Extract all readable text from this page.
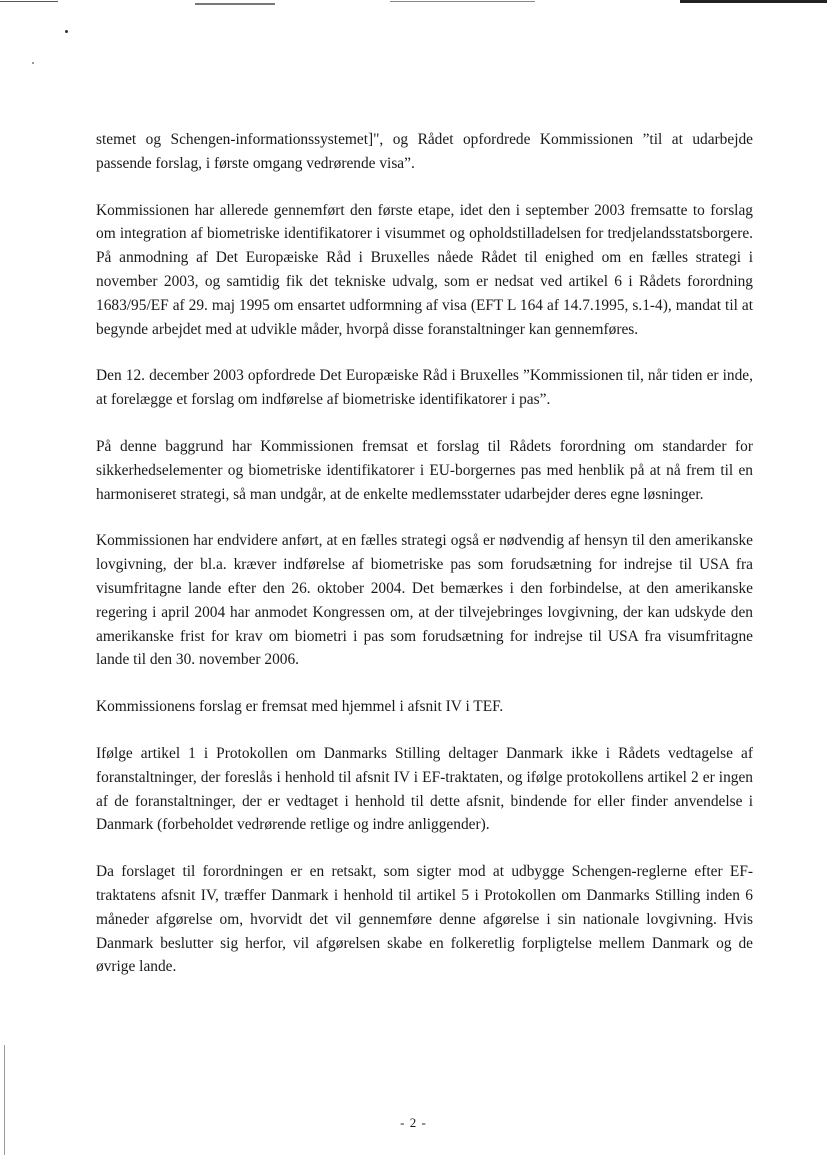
stemet og Schengen-informationssystemet]", og Rådet opfordrede Kommissionen ”til at udarbejde passende forslag, i første omgang vedrørende visa”.

Kommissionen har allerede gennemført den første etape, idet den i september 2003 fremsatte to forslag om integration af biometriske identifikatorer i visummet og opholdstilladelsen for tredjelandsstatsborgere. På anmodning af Det Europæiske Råd i Bruxelles nåede Rådet til enighed om en fælles strategi i november 2003, og samtidig fik det tekniske udvalg, som er nedsat ved artikel 6 i Rådets forordning 1683/95/EF af 29. maj 1995 om ensartet udformning af visa (EFT L 164 af 14.7.1995, s.1-4), mandat til at begynde arbejdet med at udvikle måder, hvorpå disse foranstaltninger kan gennemføres.

Den 12. december 2003 opfordrede Det Europæiske Råd i Bruxelles ”Kommissionen til, når tiden er inde, at forelægge et forslag om indførelse af biometriske identifikatorer i pas”.

På denne baggrund har Kommissionen fremsat et forslag til Rådets forordning om standarder for sikkerhedselementer og biometriske identifikatorer i EU-borgernes pas med henblik på at nå frem til en harmoniseret strategi, så man undgår, at de enkelte medlemsstater udarbejder deres egne løsninger.

Kommissionen har endvidere anført, at en fælles strategi også er nødvendig af hensyn til den amerikanske lovgivning, der bl.a. kræver indførelse af biometriske pas som forudsætning for indrejse til USA fra visumfritagne lande efter den 26. oktober 2004. Det bemærkes i den forbindelse, at den amerikanske regering i april 2004 har anmodet Kongressen om, at der tilvejebringes lovgivning, der kan udskyde den amerikanske frist for krav om biometri i pas som forudsætning for indrejse til USA fra visumfritagne lande til den 30. november 2006.

Kommissionens forslag er fremsat med hjemmel i afsnit IV i TEF.

Ifølge artikel 1 i Protokollen om Danmarks Stilling deltager Danmark ikke i Rådets vedtagelse af foranstaltninger, der foreslås i henhold til afsnit IV i EF-traktaten, og ifølge protokollens artikel 2 er ingen af de foranstaltninger, der er vedtaget i henhold til dette afsnit, bindende for eller finder anvendelse i Danmark (forbeholdet vedrørende retlige og indre anliggender).

Da forslaget til forordningen er en retsakt, som sigter mod at udbygge Schengen-reglerne efter EF-traktatens afsnit IV, træffer Danmark i henhold til artikel 5 i Protokollen om Danmarks Stilling inden 6 måneder afgørelse om, hvorvidt det vil gennemføre denne afgørelse i sin nationale lovgivning. Hvis Danmark beslutter sig herfor, vil afgørelsen skabe en folkeretlig forpligtelse mellem Danmark og de øvrige lande.

- 2 -
